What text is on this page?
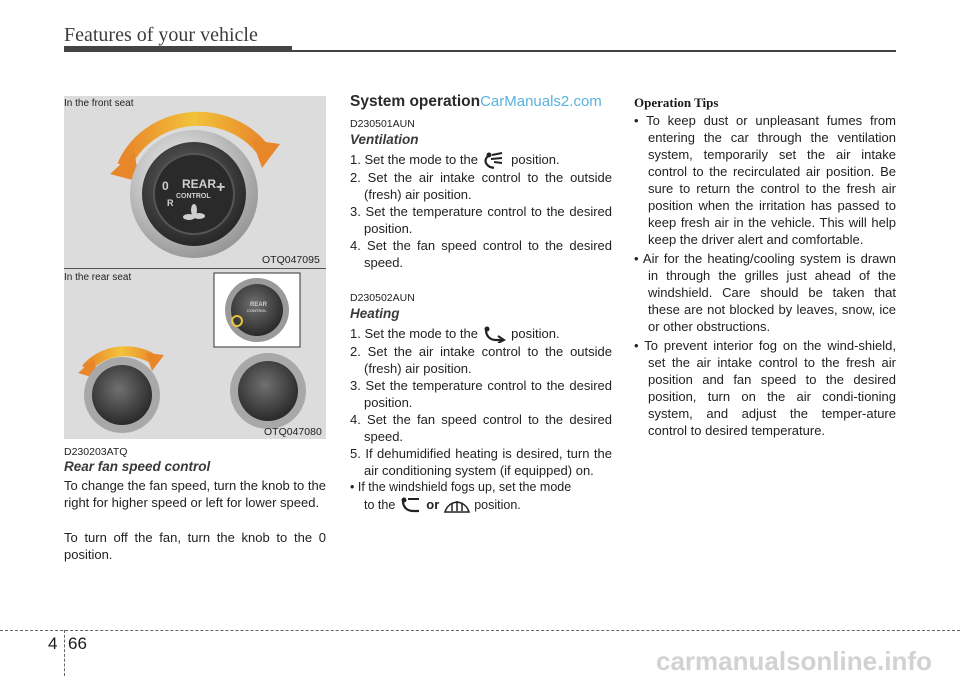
Features of your vehicle
REAR
CONTROL
0
R
+
In the front seat
OTQ047095
REAR
CONTROL
In the rear seat
OTQ047080
D230203ATQ
Rear fan speed control
To change the fan speed, turn the knob to the right for higher speed or left for lower speed.
To turn off the fan, turn the knob to the 0 position.
System operationCarManuals2.com
D230501AUN
Ventilation
1. Set the mode to the	position.
2. Set the air intake control to the outside (fresh) air position.
3. Set the temperature control to the desired position.
4. Set the fan speed control to the desired speed.
D230502AUN
Heating
1. Set the mode to the	position.
2. Set the air intake control to the outside (fresh) air position.
3. Set the temperature control to the desired position.
4. Set the fan speed control to the desired speed.
5. If dehumidified heating is desired, turn the air conditioning system (if equipped) on.
• If the windshield fogs up, set the mode
to the or	position.
Operation Tips
• To keep dust or unpleasant fumes from entering the car through the ventilation system, temporarily set the air intake control to the recirculated air position. Be sure to return the control to the fresh air position when the irritation has passed to keep fresh air in the vehicle. This will help keep the driver alert and comfortable.
• Air for the heating/cooling system is drawn in through the grilles just ahead of the windshield. Care should be taken that these are not blocked by leaves, snow, ice or other obstructions.
• To prevent interior fog on the wind-shield, set the air intake control to the fresh air position and fan speed to the desired position, turn on the air condi-tioning system, and adjust the temper-ature control to desired temperature.
4 66
carmanualsonline.info
